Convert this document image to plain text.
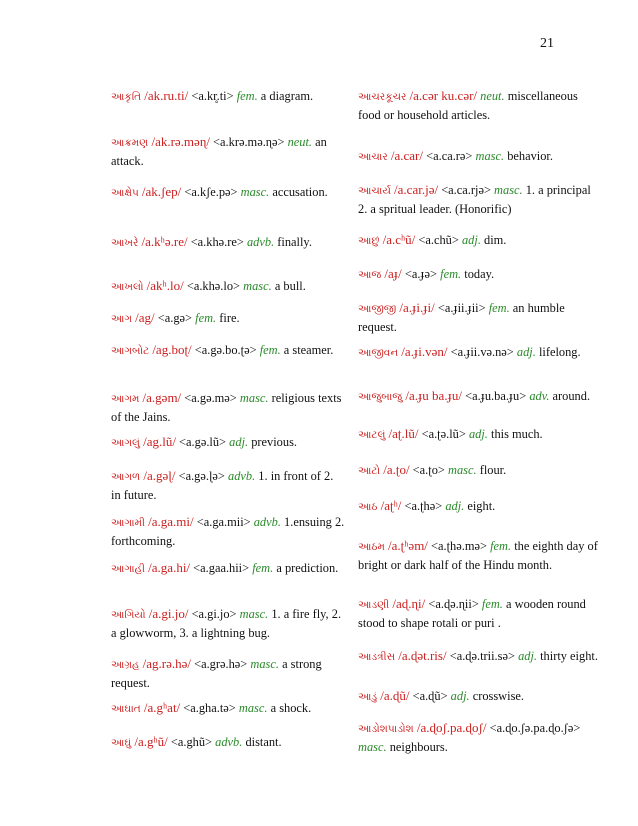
21
આકૃતિ /ak.ru.ti/ <a.kr̥.ti> fem. a diagram.
આક્રમણ /ak.rə.məɳ/ <a.krə.mə.ɳə> neut. an attack.
આક્ષેપ /ak.ʃep/ <a.kʃe.pə> masc. accusation.
આખરે /a.kʰə.re/ <a.khə.re> advb. finally.
આખલો /akʰ.lo/ <a.khə.lo> masc. a bull.
આગ /ag/ <a.gə> fem. fire.
આગબોટ /ag.boʈ/ <a.gə.bo.ʈə> fem. a steamer.
આગમ /a.gəm/ <a.gə.mə> masc. religious texts of the Jains.
આગલું /ag.lũ/ <a.gə.lũ> adj. previous.
આગળ /a.gəɭ/ <a.gə.ɭə> advb. 1. in front of 2. in future.
આગામી /a.ga.mi/ <a.ga.mii> advb. 1.ensuing 2. forthcoming.
આગાહી /a.ga.hi/ <a.gaa.hii> fem. a prediction.
આગિયો /a.gi.jo/ <a.gi.jo> masc. 1. a fire fly, 2. a glowworm, 3. a lightning bug.
આગ્રહ /ag.rə.hə/ <a.grə.hə> masc. a strong request.
આઘાત /a.gʰat/ <a.gha.tə> masc. a shock.
આઘું /a.gʰũ/ <a.ghũ> advb. distant.
આચરકૂચર /a.cər ku.cər/ neut. miscellaneous food or household articles.
આચાર /a.car/ <a.ca.rə> masc. behavior.
આચાર્ય /a.car.jə/ <a.ca.rjə> masc. 1. a principal 2. a spritual leader. (Honorific)
આછું /a.cʰũ/ <a.chũ> adj. dim.
આજ /aɟ/ <a.ɟə> fem. today.
આજીજી /a.ɟi.ɟi/ <a.ɟii.ɟii> fem. an humble request.
આજીવન /a.ɟi.vən/ <a.ɟii.və.nə> adj. lifelong.
આજુબાજુ /a.ɟu ba.ɟu/ <a.ɟu.ba.ɟu> adv. around.
આટલું /aʈ.lũ/ <a.ʈə.lũ> adj. this much.
આટો /a.ʈo/ <a.ʈo> masc. flour.
આઠ /aʈʰ/ <a.ʈhə> adj. eight.
આઠમ /a.ʈʰəm/ <a.ʈhə.mə> fem. the eighth day of bright or dark half of the Hindu month.
આડણી /aɖ.ɳi/ <a.ɖə.ɳii> fem. a wooden round stood to shape rotali or puri .
આડત્રીસ /a.ɖət.ris/ <a.ɖə.trii.sə> adj. thirty eight.
આડું /a.ɖũ/ <a.ɖũ> adj. crosswise.
આડોશપાડોશ /a.ɖoʃ.pa.ɖoʃ/ <a.ɖo.ʃə.pa.ɖo.ʃə> masc. neighbours.
